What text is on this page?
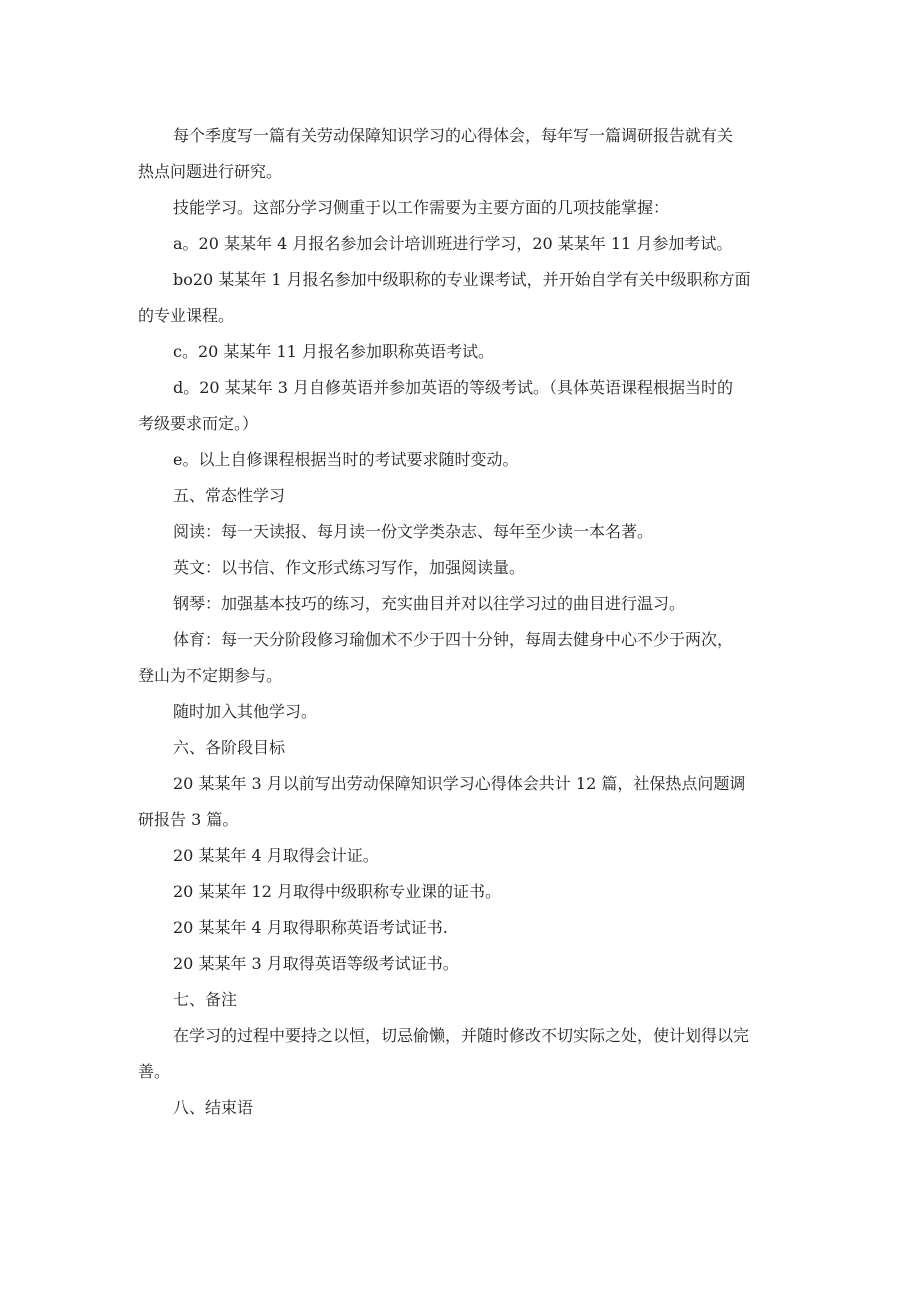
每个季度写一篇有关劳动保障知识学习的心得体会，每年写一篇调研报告就有关
热点问题进行研究。

技能学习。这部分学习侧重于以工作需要为主要方面的几项技能掌握：

a。20 某某年 4 月报名参加会计培训班进行学习，20 某某年 11 月参加考试。

bo20 某某年 1 月报名参加中级职称的专业课考试，并开始自学有关中级职称方面
的专业课程。

c。20 某某年 11 月报名参加职称英语考试。

d。20 某某年 3 月自修英语并参加英语的等级考试。（具体英语课程根据当时的
考级要求而定。）

e。以上自修课程根据当时的考试要求随时变动。

五、常态性学习

阅读：每一天读报、每月读一份文学类杂志、每年至少读一本名著。

英文：以书信、作文形式练习写作，加强阅读量。

钢琴：加强基本技巧的练习，充实曲目并对以往学习过的曲目进行温习。

体育：每一天分阶段修习瑜伽术不少于四十分钟，每周去健身中心不少于两次，
登山为不定期参与。

随时加入其他学习。

六、各阶段目标

20 某某年 3 月以前写出劳动保障知识学习心得体会共计 12 篇，社保热点问题调
研报告 3 篇。

20 某某年 4 月取得会计证。

20 某某年 12 月取得中级职称专业课的证书。

20 某某年 4 月取得职称英语考试证书.

20 某某年 3 月取得英语等级考试证书。

七、备注

在学习的过程中要持之以恒，切忌偷懒，并随时修改不切实际之处，使计划得以完
善。

八、结束语
